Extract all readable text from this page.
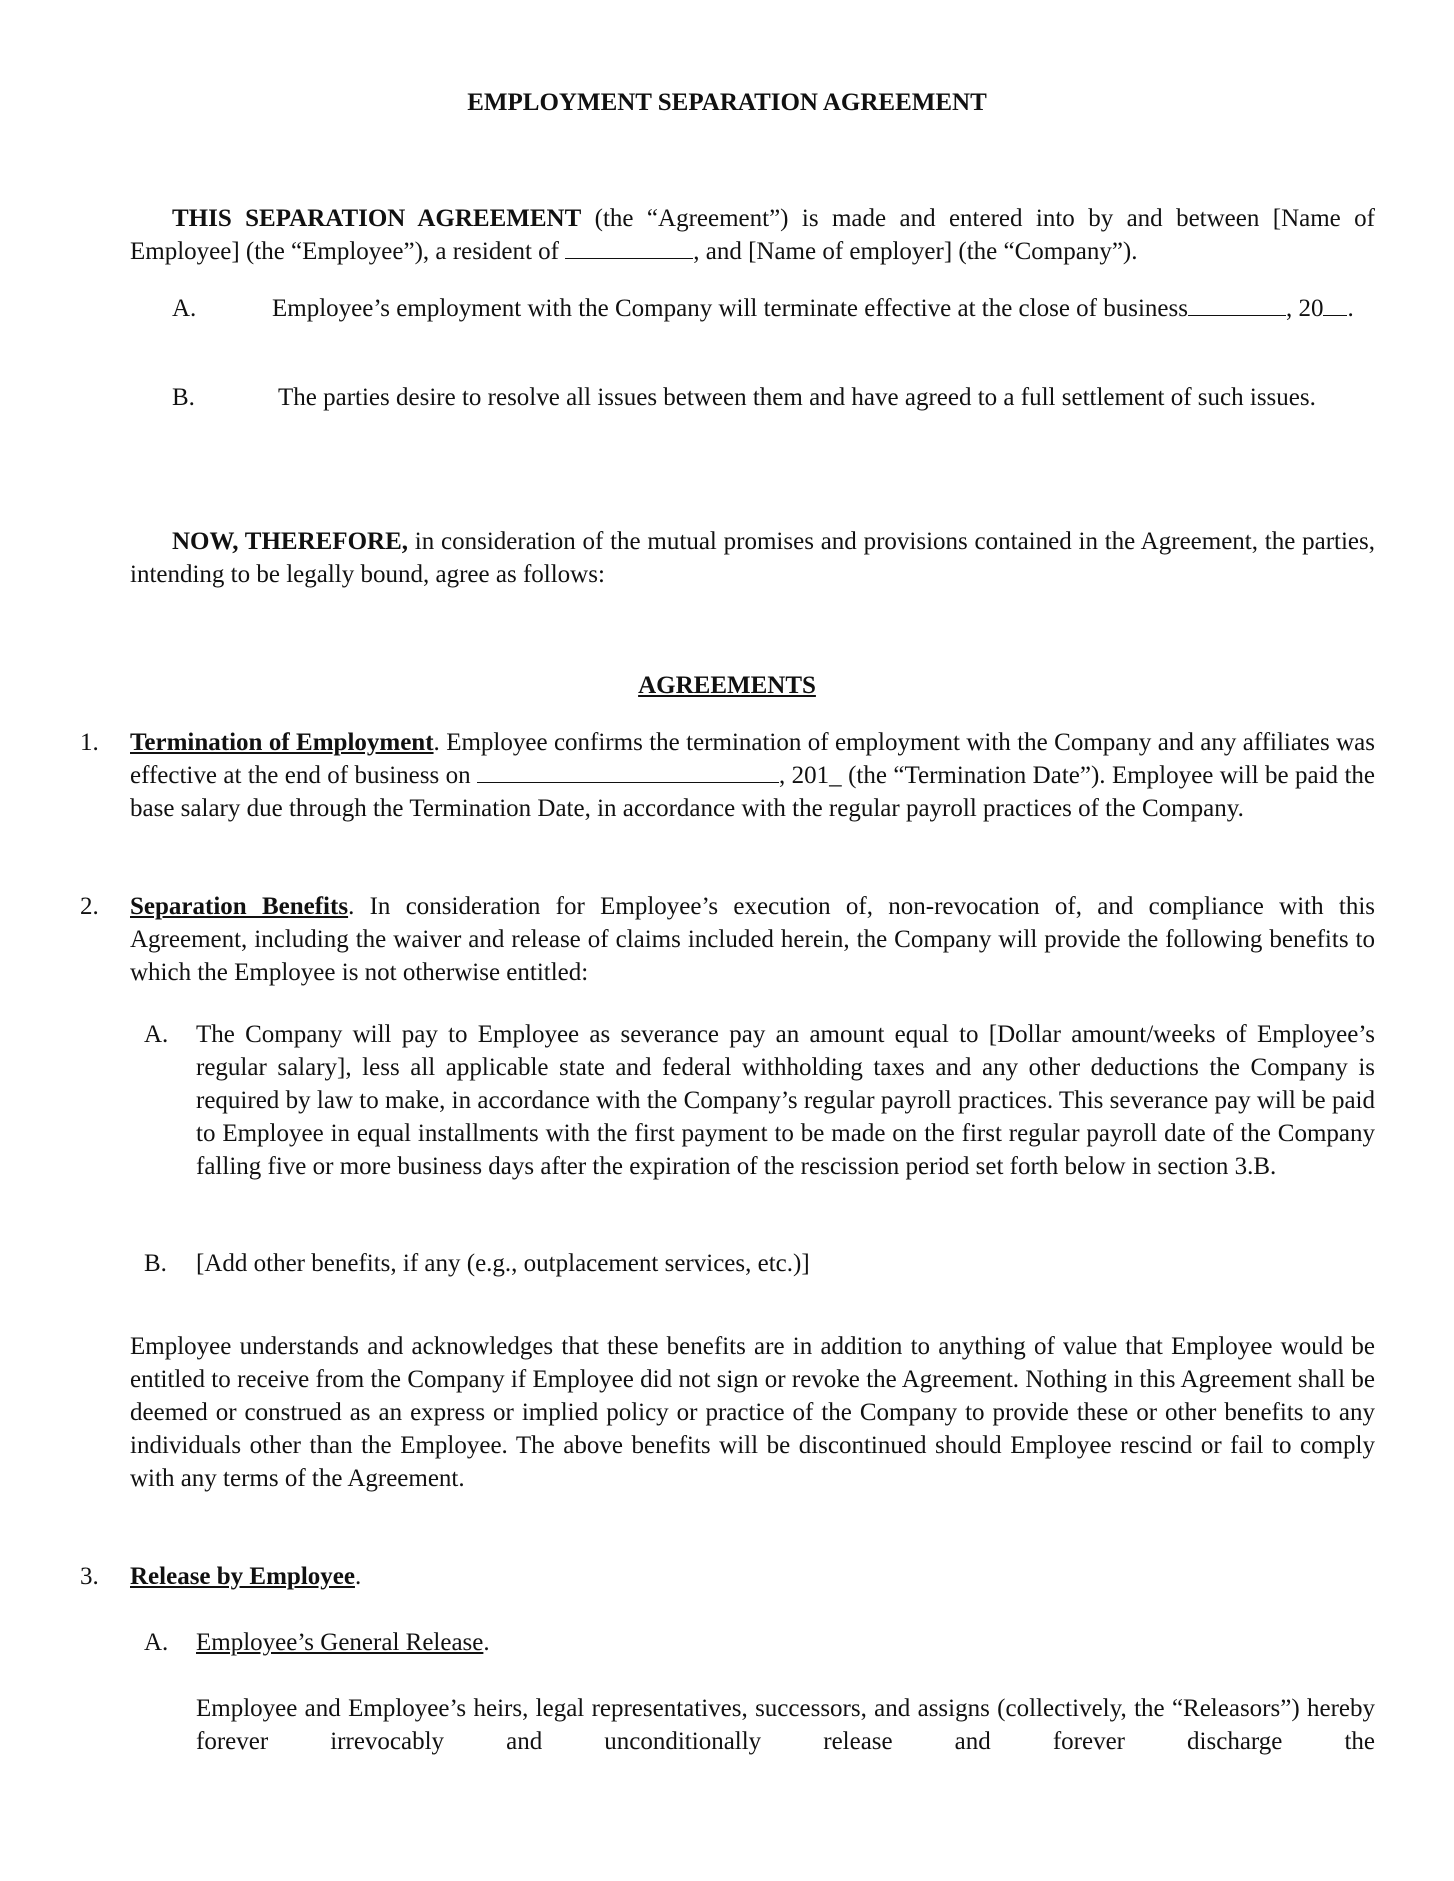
EMPLOYMENT SEPARATION AGREEMENT
THIS SEPARATION AGREEMENT (the “Agreement”) is made and entered into by and between [Name of Employee] (the “Employee”), a resident of	, and [Name of employer] (the “Company”).
A.	Employee’s employment with the Company will terminate effective at the close of business	, 20 .
B.	The parties desire to resolve all issues between them and have agreed to a full settlement of such issues.
NOW, THEREFORE, in consideration of the mutual promises and provisions contained in the Agreement, the parties, intending to be legally bound, agree as follows:
AGREEMENTS
1.	Termination of Employment. Employee confirms the termination of employment with the Company and any affiliates was effective at the end of business on	, 201_ (the “Termination Date”). Employee will be paid the base salary due through the Termination Date, in accordance with the regular payroll practices of the Company.
2.	Separation Benefits. In consideration for Employee’s execution of, non-revocation of, and compliance with this Agreement, including the waiver and release of claims included herein, the Company will provide the following benefits to which the Employee is not otherwise entitled:
A. The Company will pay to Employee as severance pay an amount equal to [Dollar amount/weeks of Employee’s regular salary], less all applicable state and federal withholding taxes and any other deductions the Company is required by law to make, in accordance with the Company’s regular payroll practices. This severance pay will be paid to Employee in equal installments with the first payment to be made on the first regular payroll date of the Company falling five or more business days after the expiration of the rescission period set forth below in section 3.B.
B. [Add other benefits, if any (e.g., outplacement services, etc.)]
Employee understands and acknowledges that these benefits are in addition to anything of value that Employee would be entitled to receive from the Company if Employee did not sign or revoke the Agreement. Nothing in this Agreement shall be deemed or construed as an express or implied policy or practice of the Company to provide these or other benefits to any individuals other than the Employee. The above benefits will be discontinued should Employee rescind or fail to comply with any terms of the Agreement.
3.	Release by Employee.
A. Employee’s General Release.
Employee and Employee’s heirs, legal representatives, successors, and assigns (collectively, the “Releasors”) hereby forever irrevocably and unconditionally release and forever discharge the
